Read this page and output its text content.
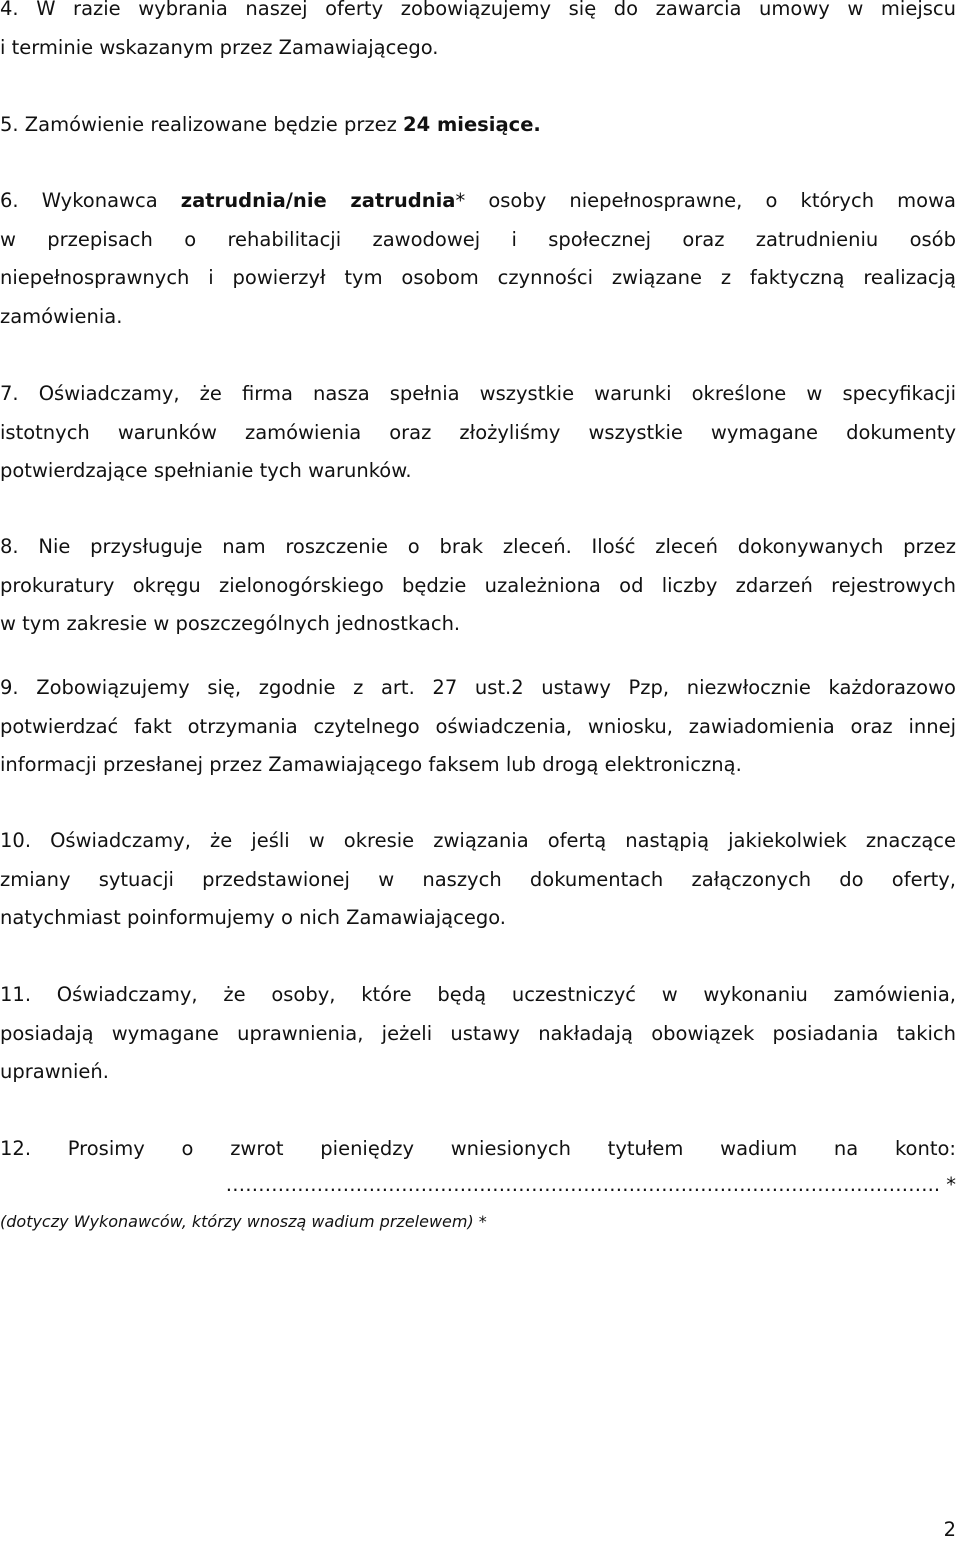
4. W razie wybrania naszej oferty zobowiązujemy się do zawarcia umowy w miejscu
i terminie wskazanym przez Zamawiającego.
5. Zamówienie realizowane będzie przez 24 miesiące.
6. Wykonawca zatrudnia/nie zatrudnia* osoby niepełnosprawne, o których mowa
w przepisach o rehabilitacji zawodowej i społecznej oraz zatrudnieniu osób
niepełnosprawnych i powierzył tym osobom czynności związane z faktyczną realizacją
zamówienia.
7. Oświadczamy, że firma nasza spełnia wszystkie warunki określone w specyfikacji
istotnych warunków zamówienia oraz złożyliśmy wszystkie wymagane dokumenty
potwierdzające spełnianie tych warunków.
8. Nie przysługuje nam roszczenie o brak zleceń. Ilość zleceń dokonywanych przez
prokuratury okręgu zielonogórskiego będzie uzależniona od liczby zdarzeń rejestrowych
w tym zakresie w poszczególnych jednostkach.
9. Zobowiązujemy się, zgodnie z art. 27 ust.2 ustawy Pzp, niezwłocznie każdorazowo
potwierdzać fakt otrzymania czytelnego oświadczenia, wniosku, zawiadomienia oraz innej
informacji przesłanej przez Zamawiającego faksem lub drogą elektroniczną.
10. Oświadczamy, że jeśli w okresie związania ofertą nastąpią jakiekolwiek znaczące
zmiany sytuacji przedstawionej w naszych dokumentach załączonych do oferty,
natychmiast poinformujemy o nich Zamawiającego.
11. Oświadczamy, że osoby, które będą uczestniczyć w wykonaniu zamówienia,
posiadają wymagane uprawnienia, jeżeli ustawy nakładają obowiązek posiadania takich
uprawnień.
12. Prosimy o zwrot pieniędzy wniesionych tytułem wadium na konto:
……………………………………………………………………………………………….. *
(dotyczy Wykonawców, którzy wnoszą wadium przelewem) *
2
